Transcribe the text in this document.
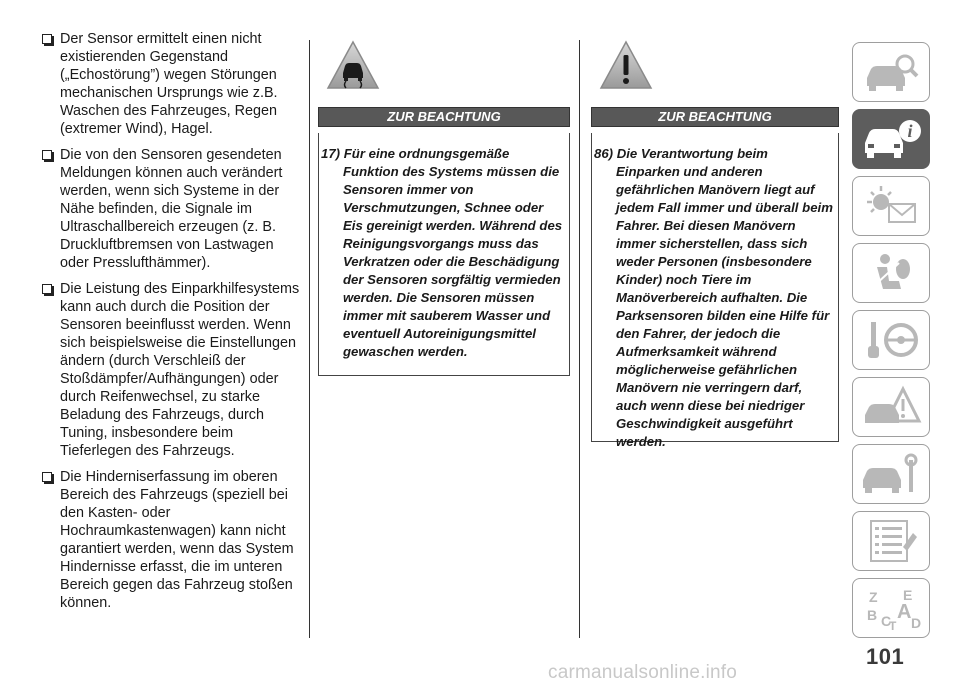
Der Sensor ermittelt einen nicht existierenden Gegenstand („Echostörung”) wegen Störungen mechanischen Ursprungs wie z.B. Waschen des Fahrzeuges, Regen (extremer Wind), Hagel.
Die von den Sensoren gesendeten Meldungen können auch verändert werden, wenn sich Systeme in der Nähe befinden, die Signale im Ultraschallbereich erzeugen (z. B. Druckluftbremsen von Lastwagen oder Presslufthämmer).
Die Leistung des Einparkhilfesystems kann auch durch die Position der Sensoren beeinflusst werden. Wenn sich beispielsweise die Einstellungen ändern (durch Verschleiß der Stoßdämpfer/Aufhängungen) oder durch Reifenwechsel, zu starke Beladung des Fahrzeugs, durch Tuning, insbesondere beim Tieferlegen des Fahrzeugs.
Die Hinderniserfassung im oberen Bereich des Fahrzeugs (speziell bei den Kasten- oder Hochraumkastenwagen) kann nicht garantiert werden, wenn das System Hindernisse erfasst, die im unteren Bereich gegen das Fahrzeug stoßen können.
ZUR BEACHTUNG
17) Für eine ordnungsgemäße Funktion des Systems müssen die Sensoren immer von Verschmutzungen, Schnee oder Eis gereinigt werden. Während des Reinigungsvorgangs muss das Verkratzen oder die Beschädigung der Sensoren sorgfältig vermieden werden. Die Sensoren müssen immer mit sauberem Wasser und eventuell Autoreinigungsmittel gewaschen werden.
ZUR BEACHTUNG
86) Die Verantwortung beim Einparken und anderen gefährlichen Manövern liegt auf jedem Fall immer und überall beim Fahrer. Bei diesen Manövern immer sicherstellen, dass sich weder Personen (insbesondere Kinder) noch Tiere im Manöverbereich aufhalten. Die Parksensoren bilden eine Hilfe für den Fahrer, der jedoch die Aufmerksamkeit während möglicherweise gefährlichen Manövern nie verringern darf, auch wenn diese bei niedriger Geschwindigkeit ausgeführt werden.
i
Z E
B A
C
T D
101
carmanualsonline.info
